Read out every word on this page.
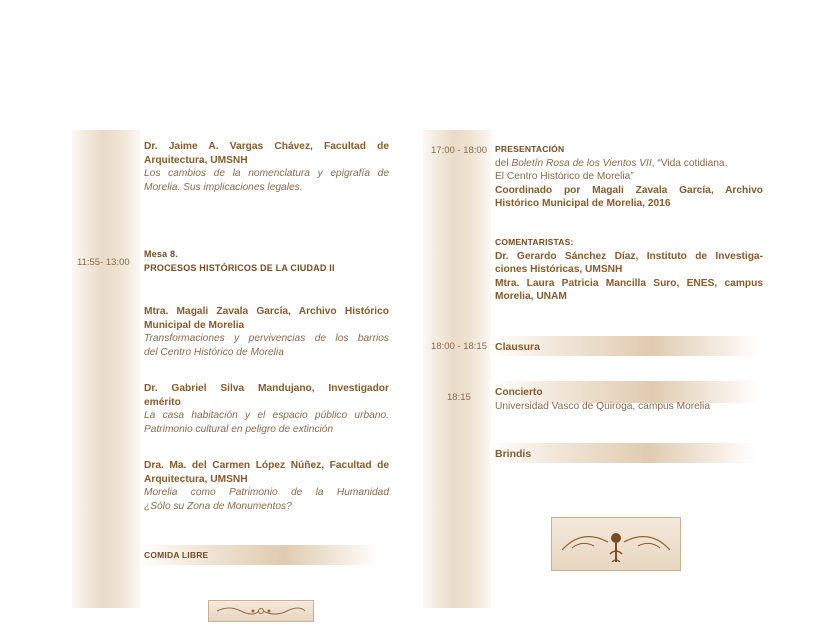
11:55- 13:00
Dr. Jaime A. Vargas Chávez, Facultad de
Arquitectura, UMSNH
Los cambios de la nomenclatura y epigrafía de
Morelia. Sus implicaciones legales.
Mesa 8.
PROCESOS HISTÓRICOS DE LA CIUDAD II
Mtra. Magali Zavala García, Archivo Histórico
Municipal de Morelia
Transformaciones y pervivencias de los barrios
del Centro Histórico de Morelia
Dr. Gabriel Silva Mandujano, Investigador
emérito
La casa habitación y el espacio público urbano.
Patrimonio cultural en peligro de extinción
Dra. Ma. del Carmen López Núñez, Facultad de
Arquitectura, UMSNH
Morelia como Patrimonio de la Humanidad
¿Sólo su Zona de Monumentos?
COMIDA LIBRE
17:00 - 18:00 PRESENTACIÓN
del Boletín Rosa de los Vientos VII, “Vida cotidiana.
El Centro Histórico de Morelia”
Coordinado por Magali Zavala García, Archivo
Histórico Municipal de Morelia, 2016
COMENTARISTAS:
Dr. Gerardo Sánchez Díaz, Instituto de Investiga-
ciones Históricas, UMSNH
Mtra. Laura Patricia Mancilla Suro, ENES, campus
Morelia, UNAM
18:00 - 18:15 Clausura
18:15 Concierto
Universidad Vasco de Quiroga, campus Morelia
Brindis
